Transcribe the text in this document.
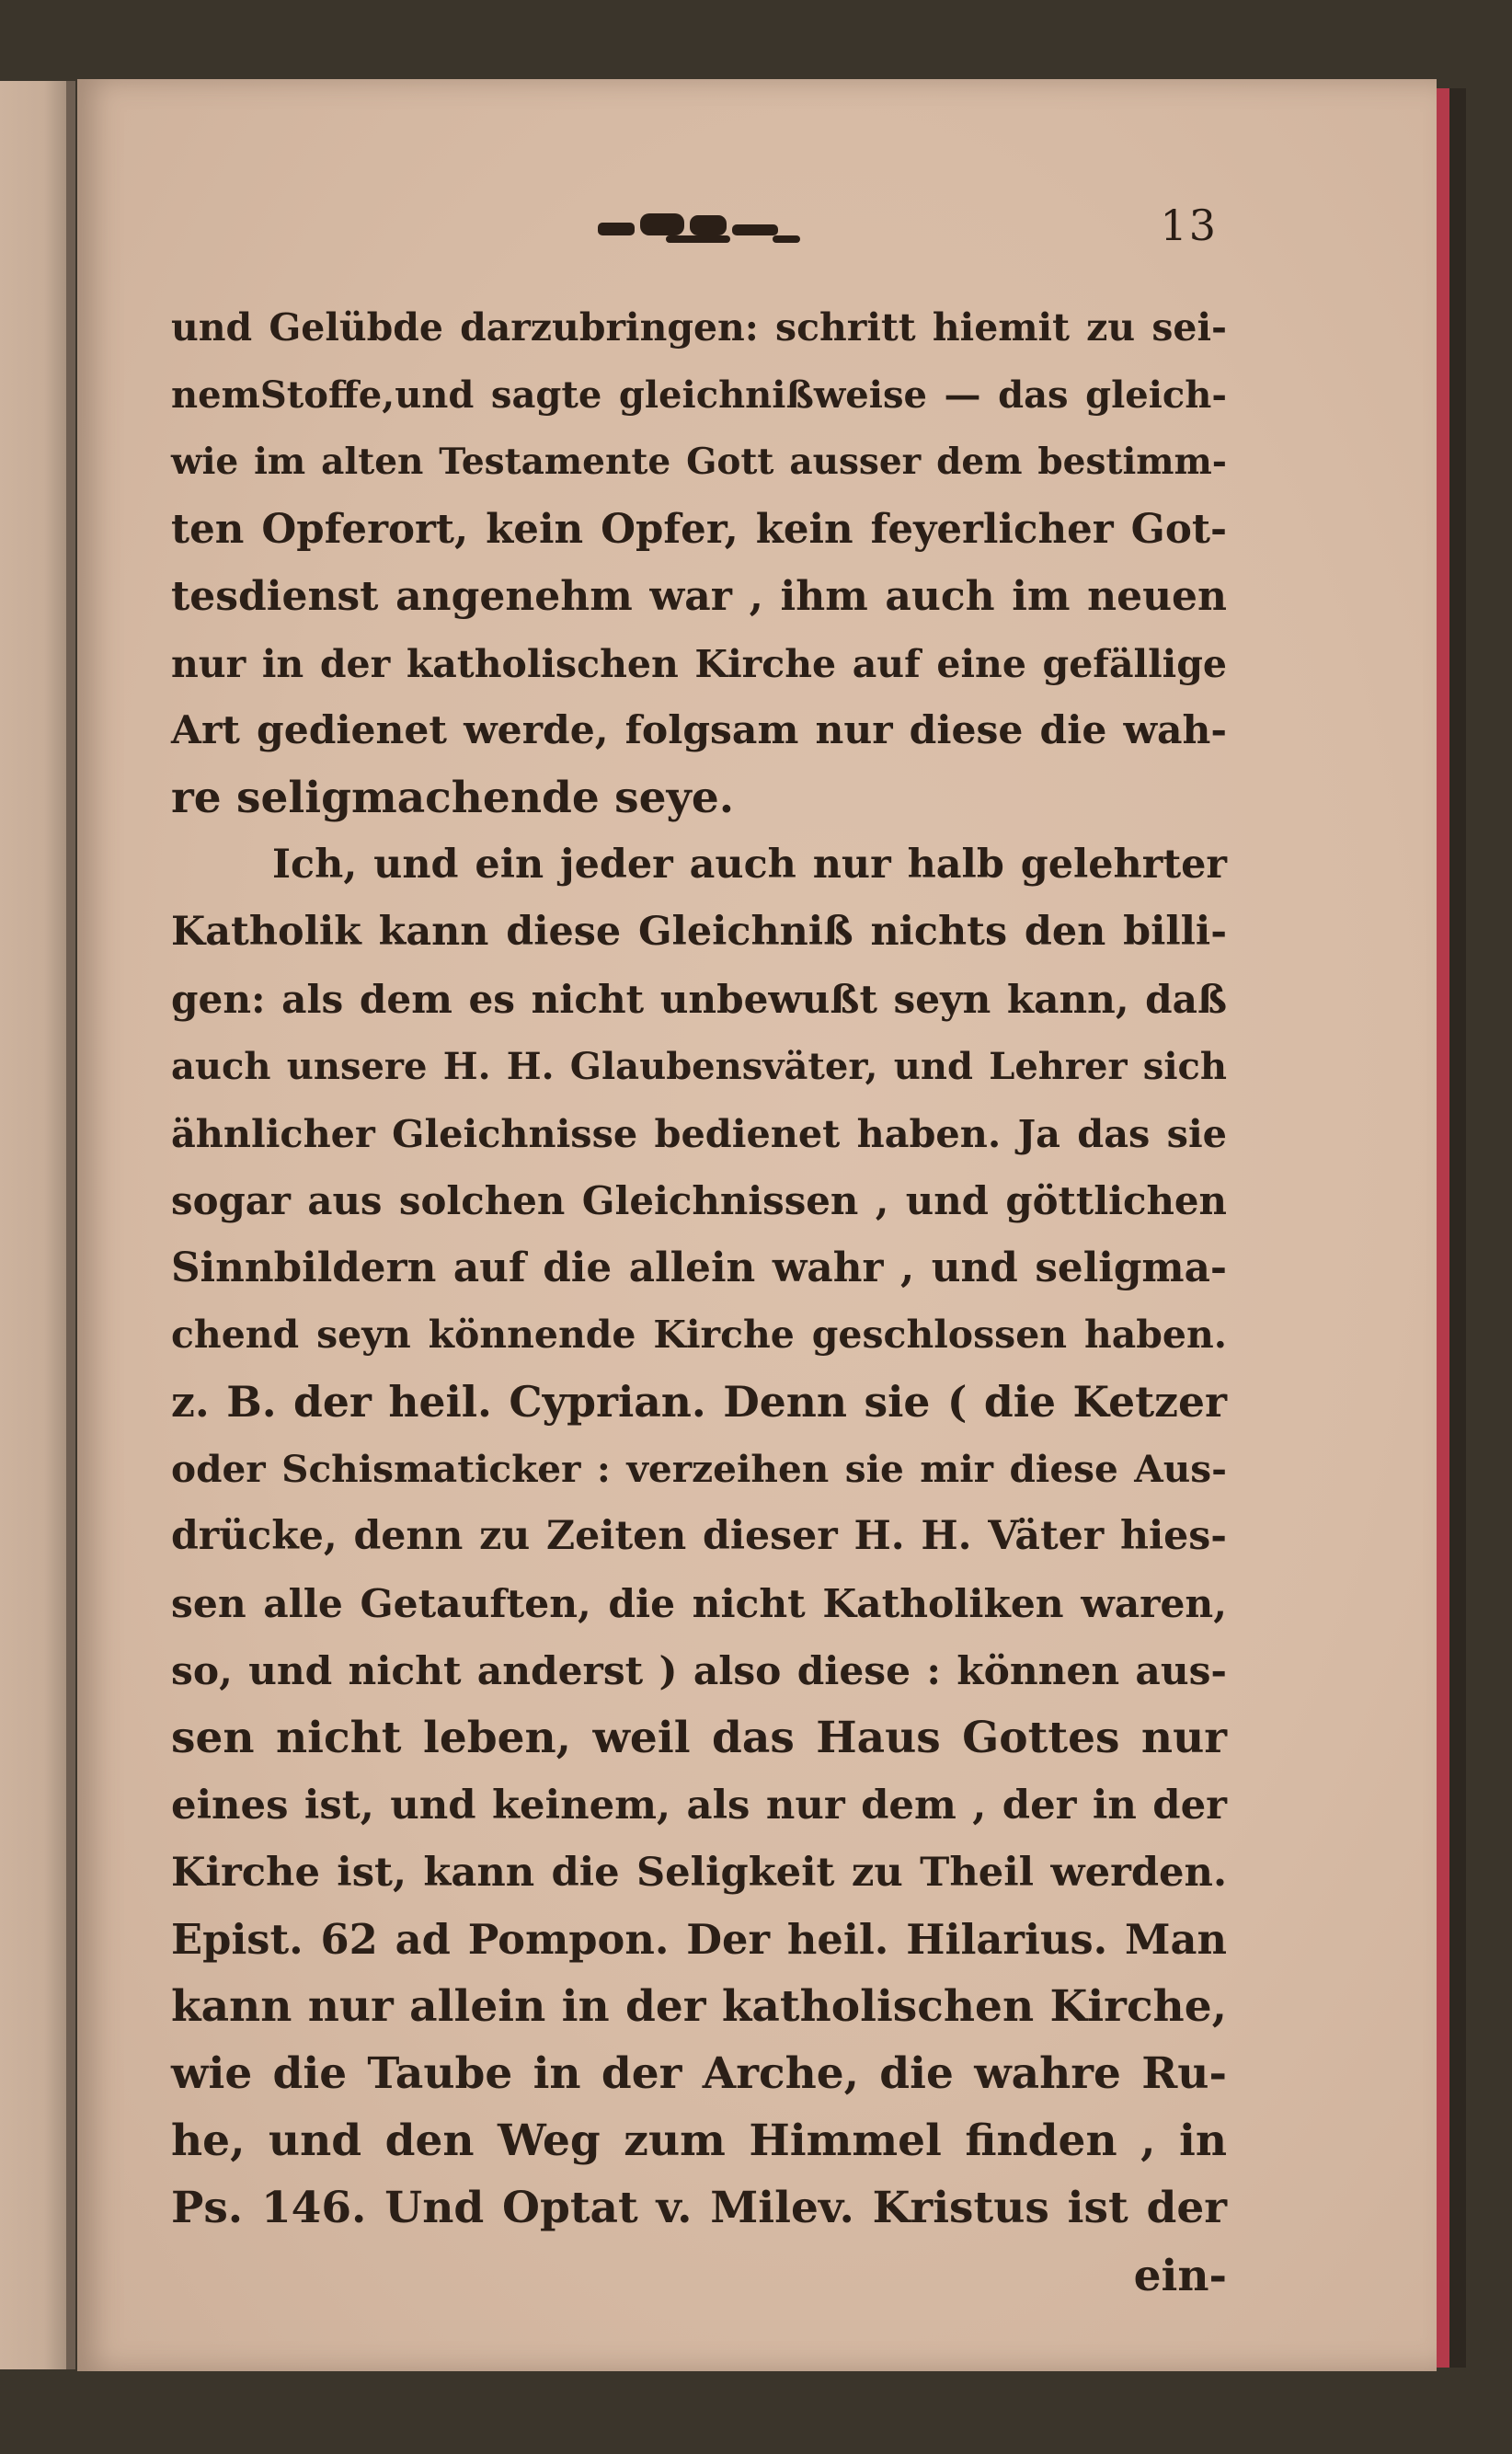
13
und Gelübde darzubringen: schritt hiemit zu sei-
nemStoffe,und sagte gleichnißweise — das gleich-
wie im alten Testamente Gott ausser dem bestimm-
ten Opferort, kein Opfer, kein feyerlicher Got-
tesdienst angenehm war , ihm auch im neuen
nur in der katholischen Kirche auf eine gefällige
Art gedienet werde, folgsam nur diese die wah-
re seligmachende seye.
Ich, und ein jeder auch nur halb gelehrter
Katholik kann diese Gleichniß nichts den billi-
gen: als dem es nicht unbewußt seyn kann, daß
auch unsere H. H. Glaubensväter, und Lehrer sich
ähnlicher Gleichnisse bedienet haben. Ja das sie
sogar aus solchen Gleichnissen , und göttlichen
Sinnbildern auf die allein wahr , und seligma-
chend seyn könnende Kirche geschlossen haben.
z. B. der heil. Cyprian. Denn sie ( die Ketzer
oder Schismaticker : verzeihen sie mir diese Aus-
drücke, denn zu Zeiten dieser H. H. Väter hies-
sen alle Getauften, die nicht Katholiken waren,
so, und nicht anderst ) also diese : können aus-
sen nicht leben, weil das Haus Gottes nur
eines ist, und keinem, als nur dem , der in der
Kirche ist, kann die Seligkeit zu Theil werden.
Epist. 62 ad Pompon. Der heil. Hilarius. Man
kann nur allein in der katholischen Kirche,
wie die Taube in der Arche, die wahre Ru-
he, und den Weg zum Himmel finden , in
Ps. 146. Und Optat v. Milev. Kristus ist der
ein-
